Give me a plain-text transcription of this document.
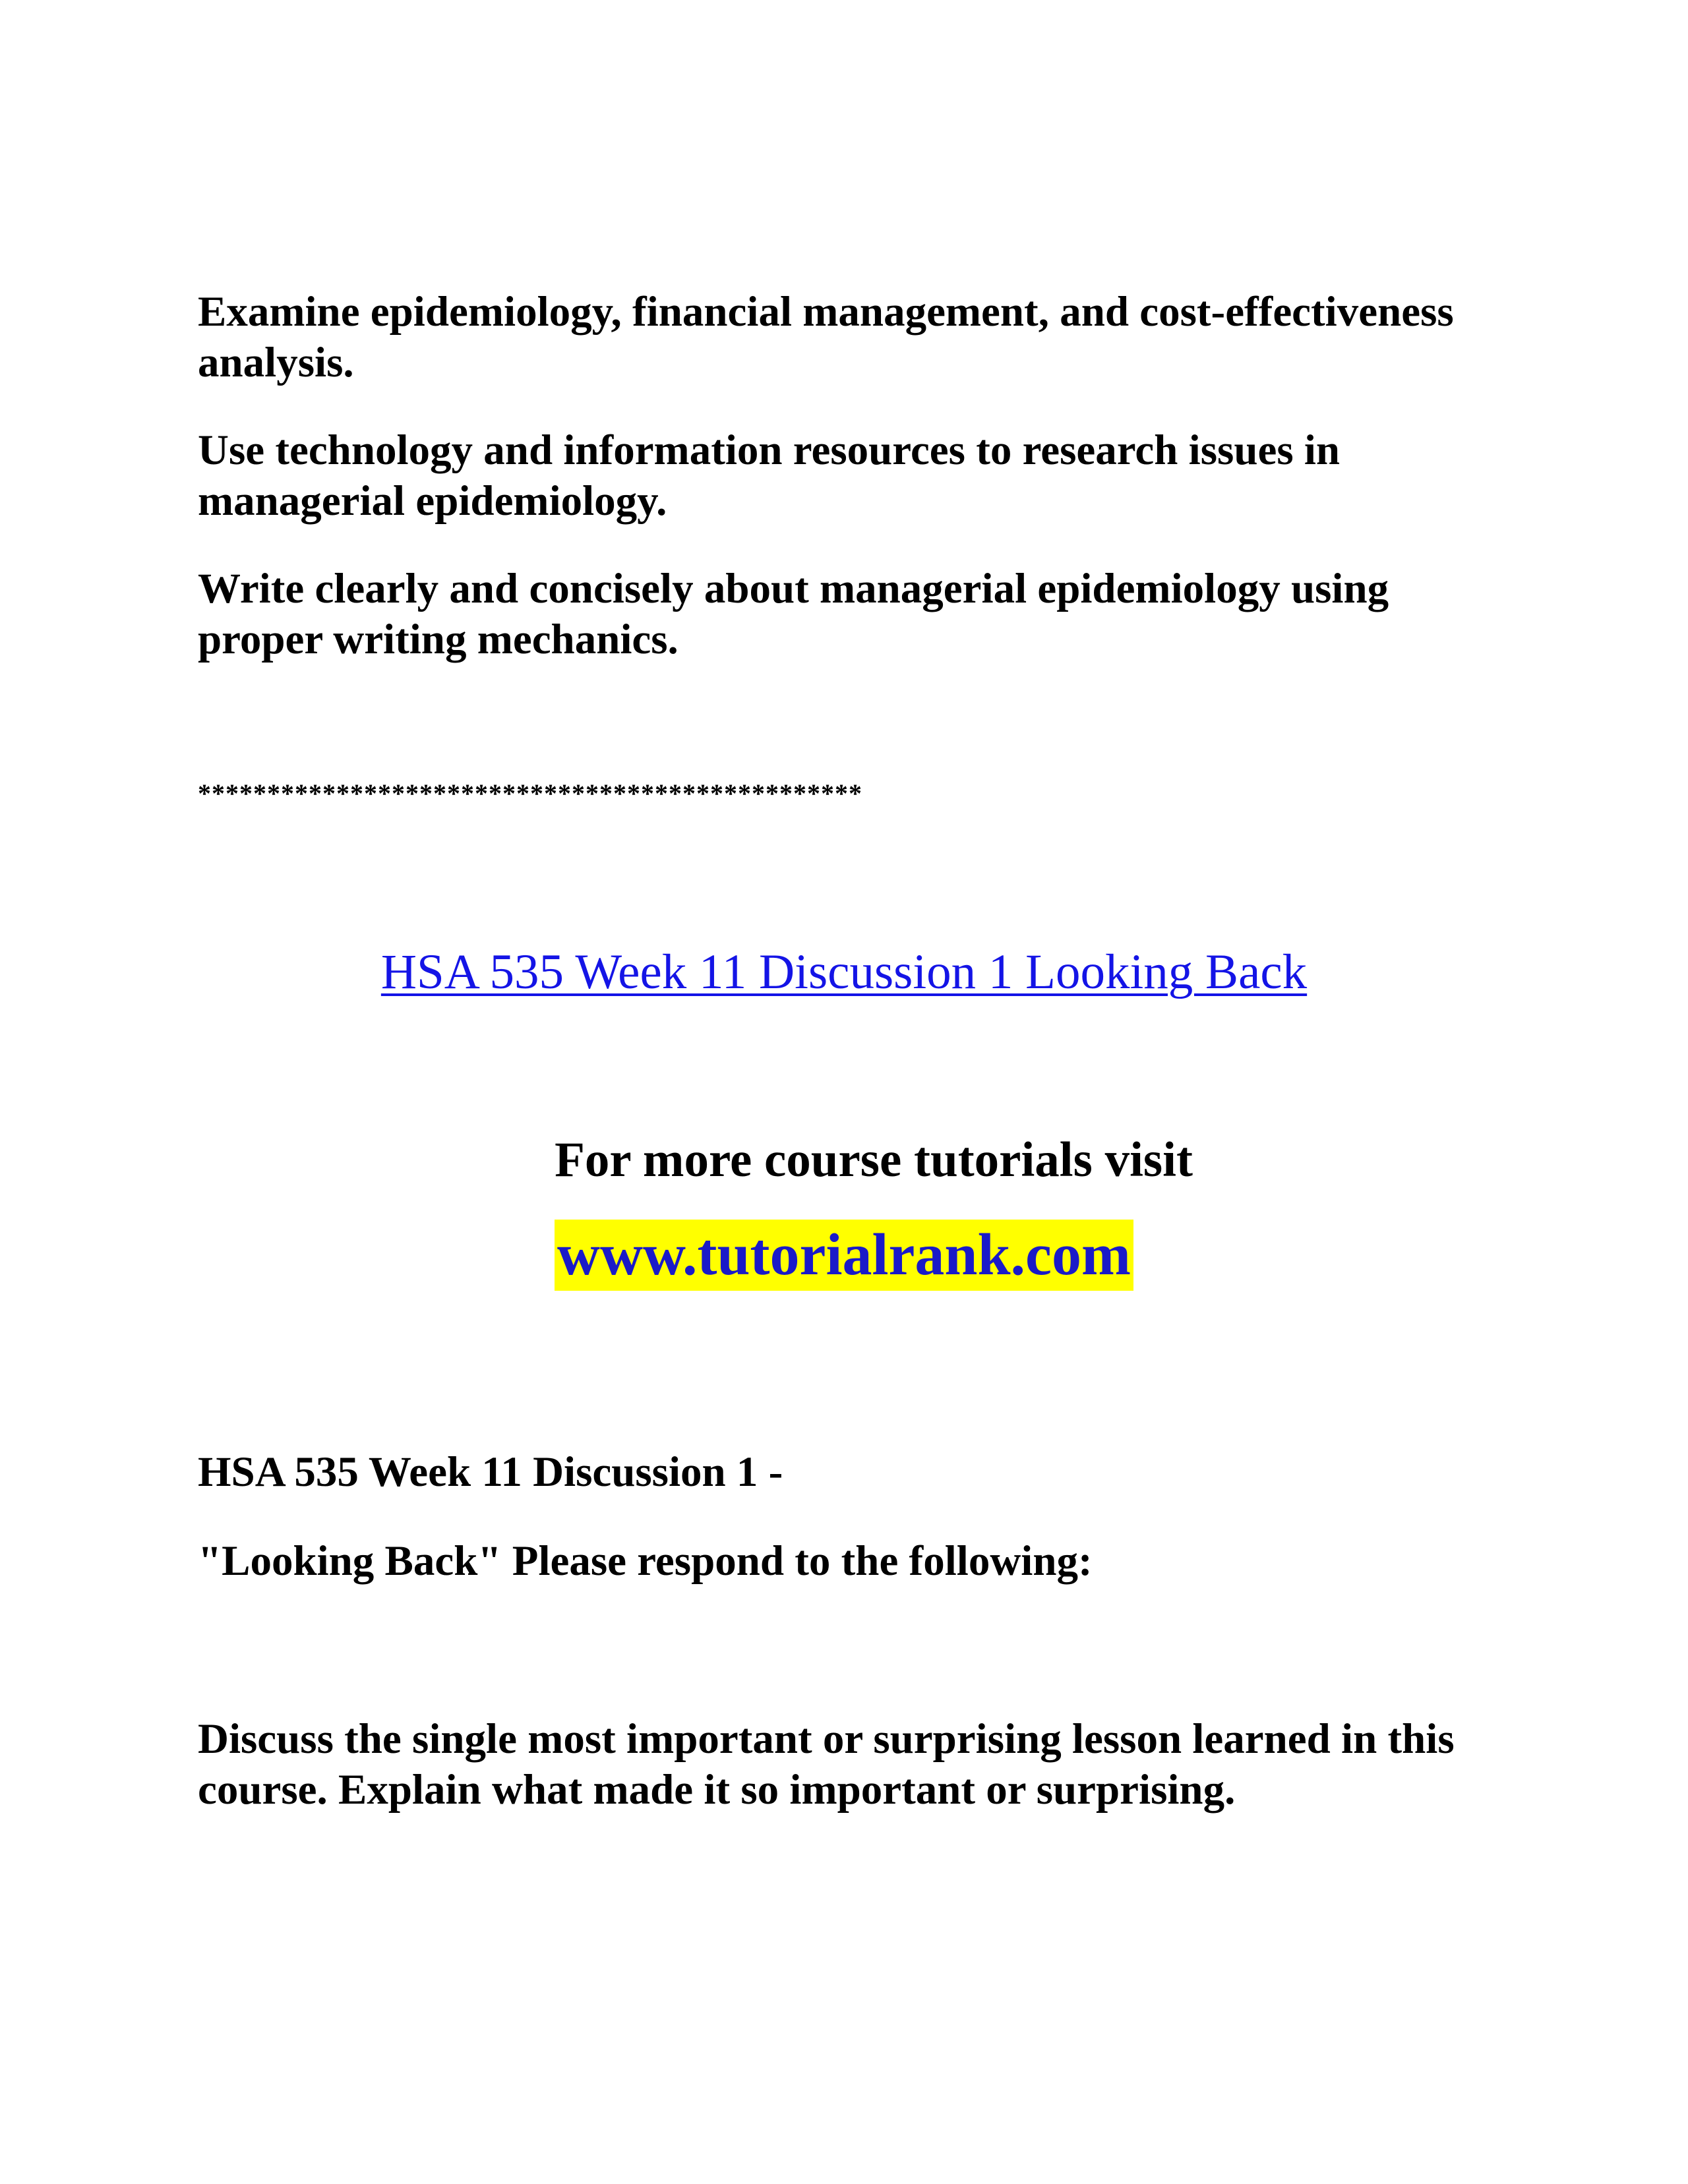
Examine epidemiology, financial management, and cost-effectiveness analysis.

Use technology and information resources to research issues in managerial epidemiology.

Write clearly and concisely about managerial epidemiology using proper writing mechanics.

************************************************

HSA 535 Week 11 Discussion 1 Looking Back
For more course tutorials visit
www.tutorialrank.com

HSA 535 Week 11 Discussion 1 -

"Looking Back" Please respond to the following:

Discuss the single most important or surprising lesson learned in this course. Explain what made it so important or surprising.
